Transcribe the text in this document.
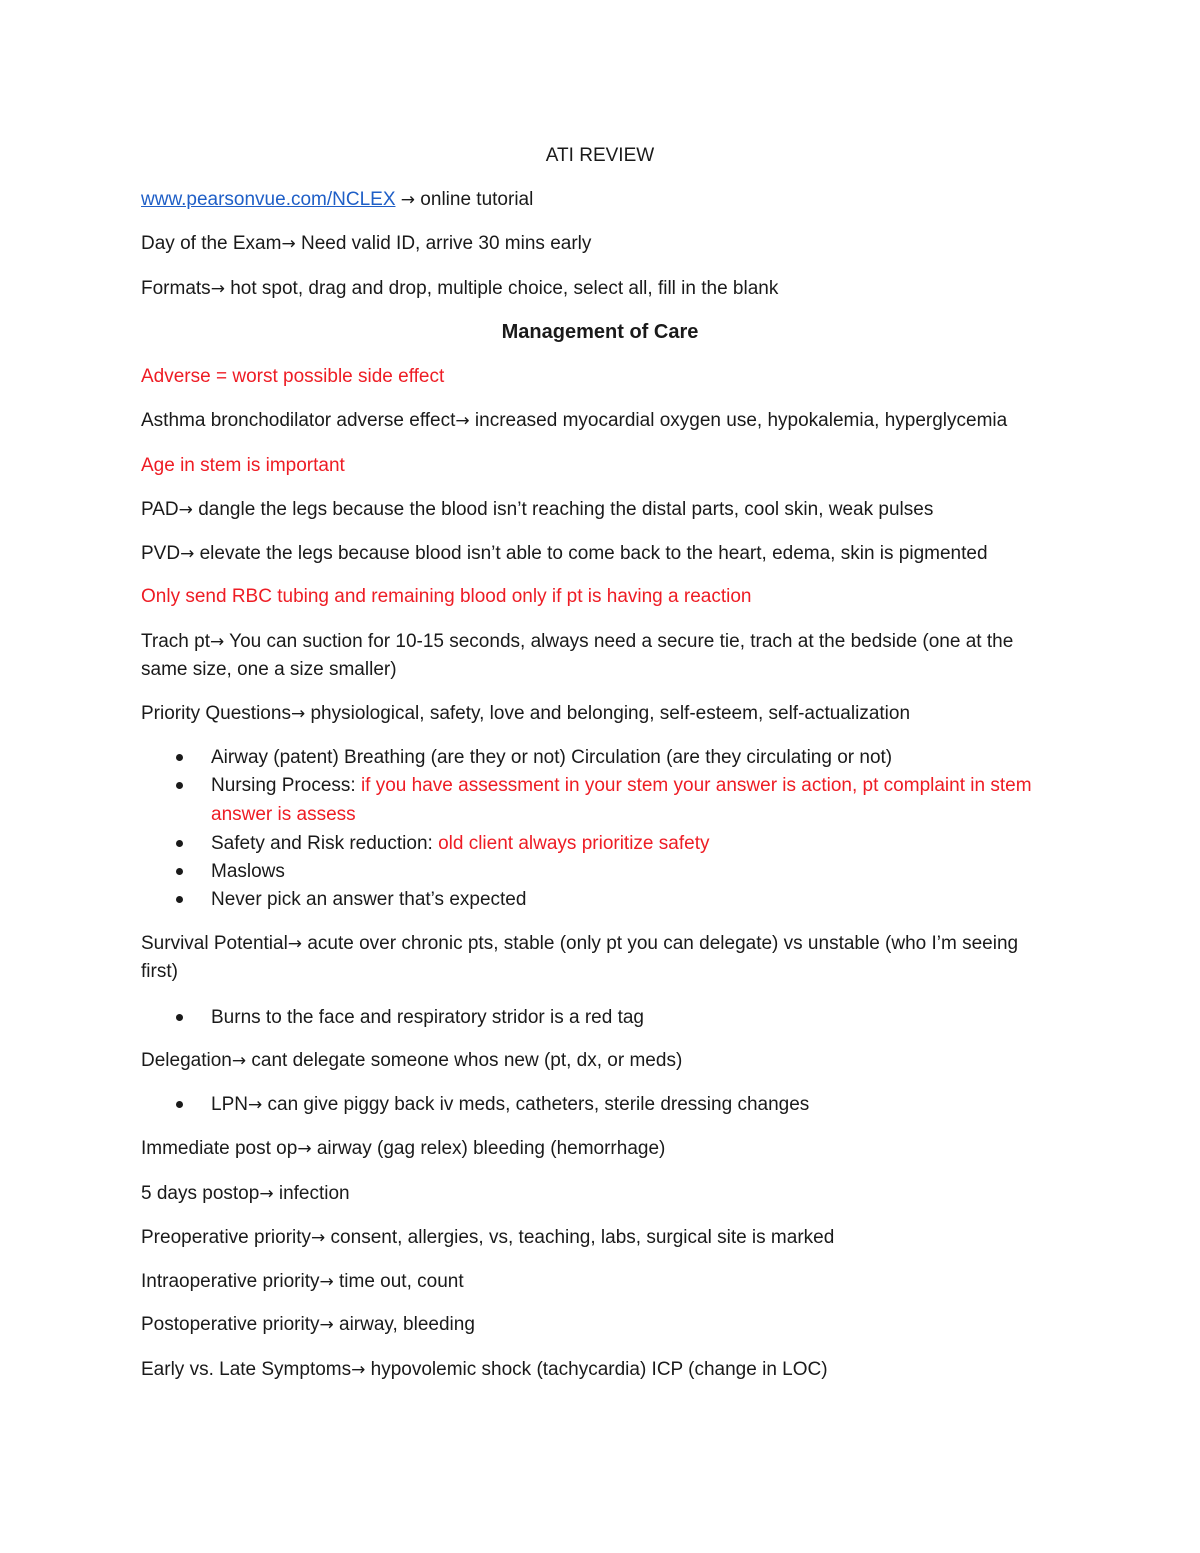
ATI REVIEW
www.pearsonvue.com/NCLEX → online tutorial
Day of the Exam→ Need valid ID, arrive 30 mins early
Formats→ hot spot, drag and drop, multiple choice, select all, fill in the blank
Management of Care
Adverse = worst possible side effect
Asthma bronchodilator adverse effect→ increased myocardial oxygen use, hypokalemia, hyperglycemia
Age in stem is important
PAD→ dangle the legs because the blood isn’t reaching the distal parts, cool skin, weak pulses
PVD→ elevate the legs because blood isn’t able to come back to the heart, edema, skin is pigmented
Only send RBC tubing and remaining blood only if pt is having a reaction
Trach pt→ You can suction for 10-15 seconds, always need a secure tie, trach at the bedside (one at the
same size, one a size smaller)
Priority Questions→ physiological, safety, love and belonging, self-esteem, self-actualization
Airway (patent) Breathing (are they or not) Circulation (are they circulating or not)
Nursing Process: if you have assessment in your stem your answer is action, pt complaint in stem
answer is assess
Safety and Risk reduction: old client always prioritize safety
Maslows
Never pick an answer that’s expected
Survival Potential→ acute over chronic pts, stable (only pt you can delegate) vs unstable (who I’m seeing
first)
Burns to the face and respiratory stridor is a red tag
Delegation→ cant delegate someone whos new (pt, dx, or meds)
LPN→ can give piggy back iv meds, catheters, sterile dressing changes
Immediate post op→ airway (gag relex) bleeding (hemorrhage)
5 days postop→ infection
Preoperative priority→ consent, allergies, vs, teaching, labs, surgical site is marked
Intraoperative priority→ time out, count
Postoperative priority→ airway, bleeding
Early vs. Late Symptoms→ hypovolemic shock (tachycardia) ICP (change in LOC)
